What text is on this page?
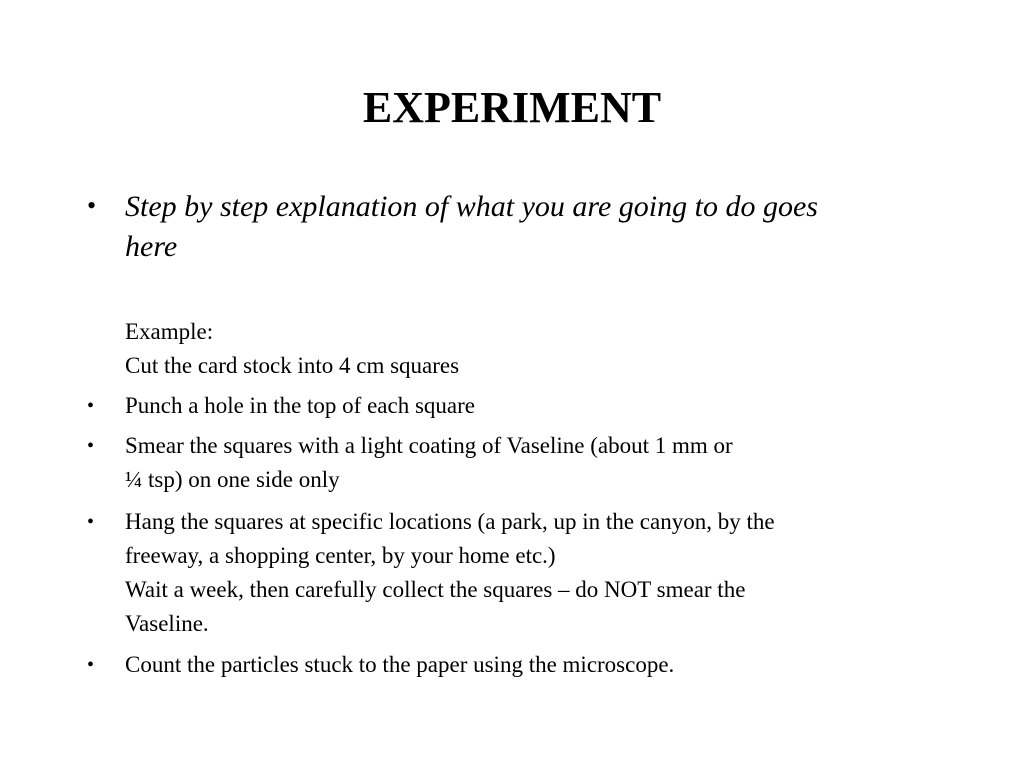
EXPERIMENT
• Step by step explanation of what you are going to do goes
here
Example:
Cut the card stock into 4 cm squares
•	Punch a hole in the top of each square
•	Smear the squares with a light coating of Vaseline (about 1 mm or
¼ tsp) on one side only
•	Hang the squares at specific locations (a park, up in the canyon, by the
freeway, a shopping center, by your home etc.)
Wait a week, then carefully collect the squares – do NOT smear the
Vaseline.
•	Count the particles stuck to the paper using the microscope.
